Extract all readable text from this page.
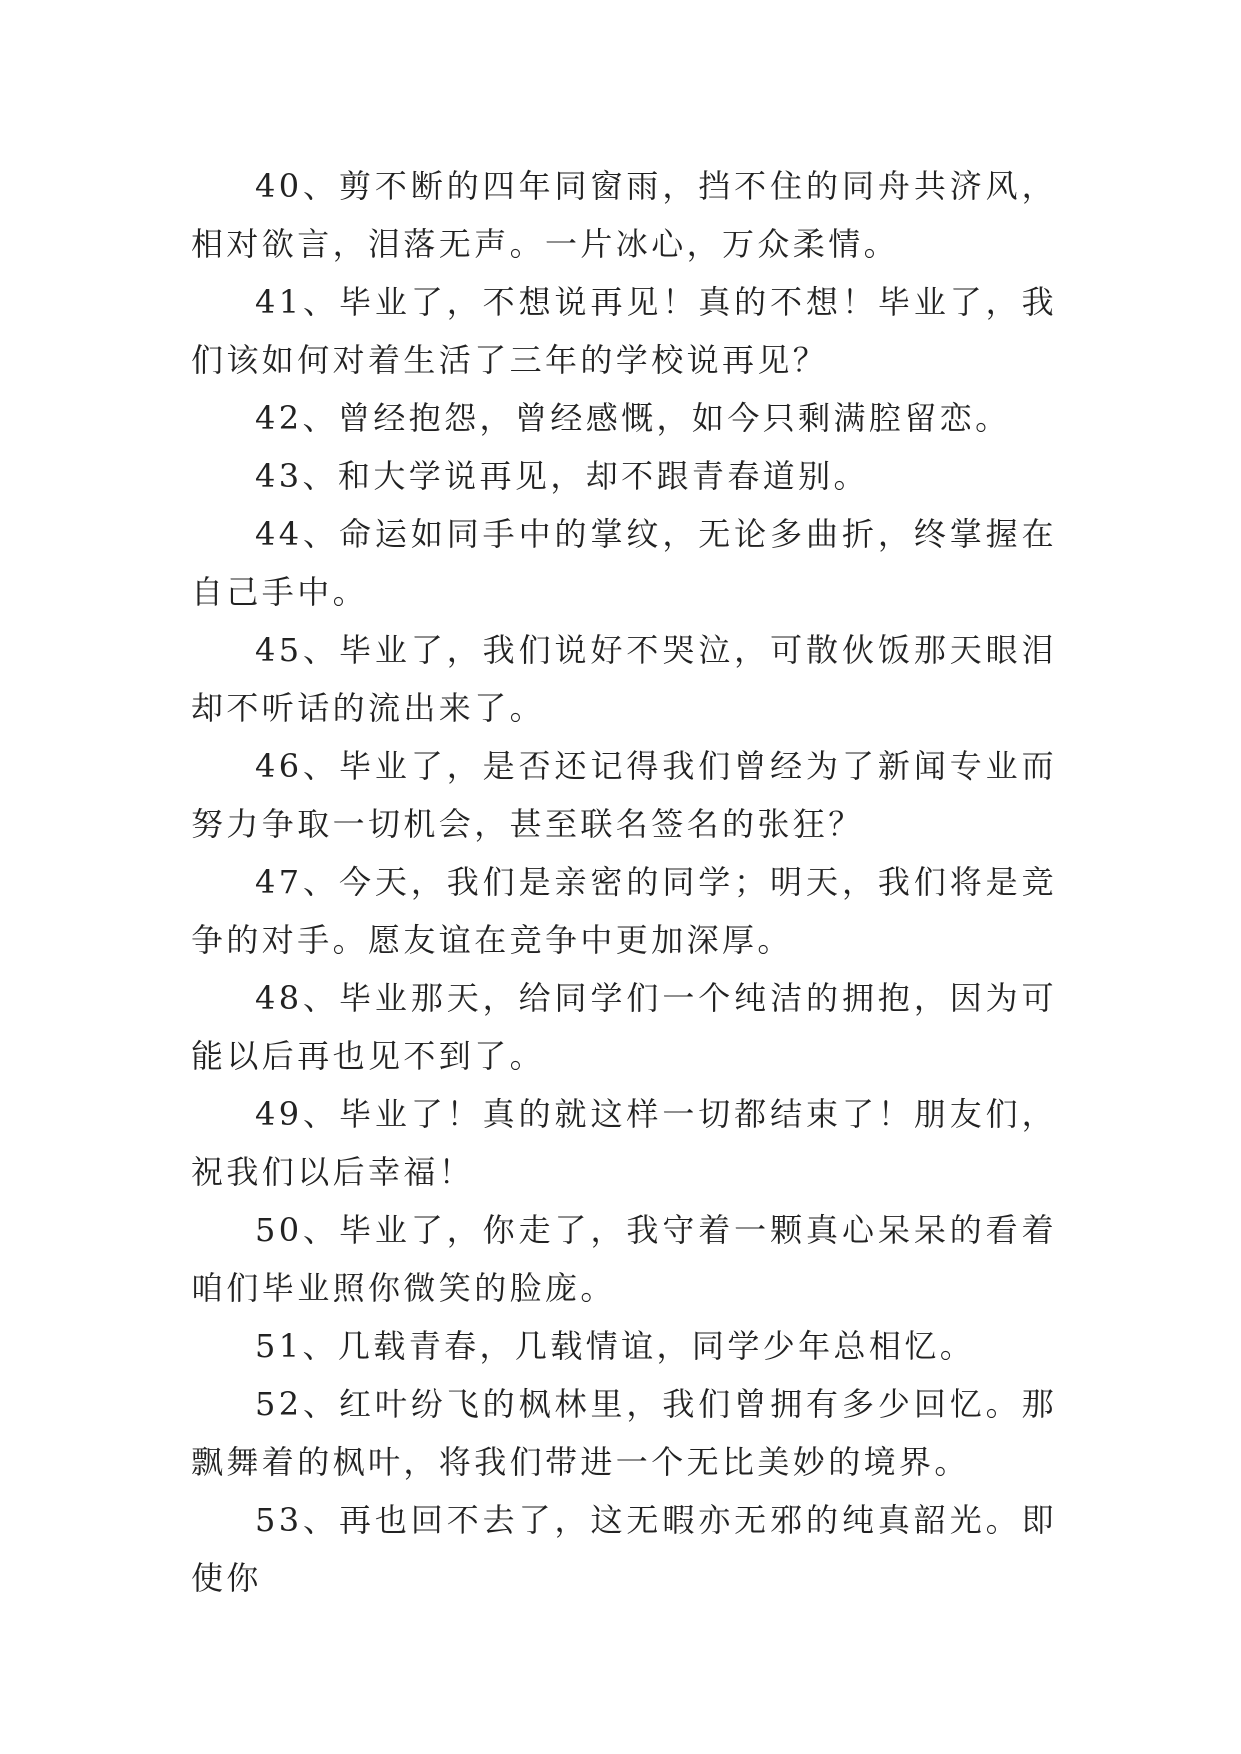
40、剪不断的四年同窗雨，挡不住的同舟共济风，相对欲言，泪落无声。一片冰心，万众柔情。

41、毕业了，不想说再见！真的不想！毕业了，我们该如何对着生活了三年的学校说再见？

42、曾经抱怨，曾经感慨，如今只剩满腔留恋。

43、和大学说再见，却不跟青春道别。

44、命运如同手中的掌纹，无论多曲折，终掌握在自己手中。

45、毕业了，我们说好不哭泣，可散伙饭那天眼泪却不听话的流出来了。

46、毕业了，是否还记得我们曾经为了新闻专业而努力争取一切机会，甚至联名签名的张狂？

47、今天，我们是亲密的同学；明天，我们将是竞争的对手。愿友谊在竞争中更加深厚。

48、毕业那天，给同学们一个纯洁的拥抱，因为可能以后再也见不到了。

49、毕业了！真的就这样一切都结束了！朋友们，祝我们以后幸福！

50、毕业了，你走了，我守着一颗真心呆呆的看着咱们毕业照你微笑的脸庞。

51、几载青春，几载情谊，同学少年总相忆。

52、红叶纷飞的枫林里，我们曾拥有多少回忆。那飘舞着的枫叶，将我们带进一个无比美妙的境界。

53、再也回不去了，这无暇亦无邪的纯真韶光。即使你
